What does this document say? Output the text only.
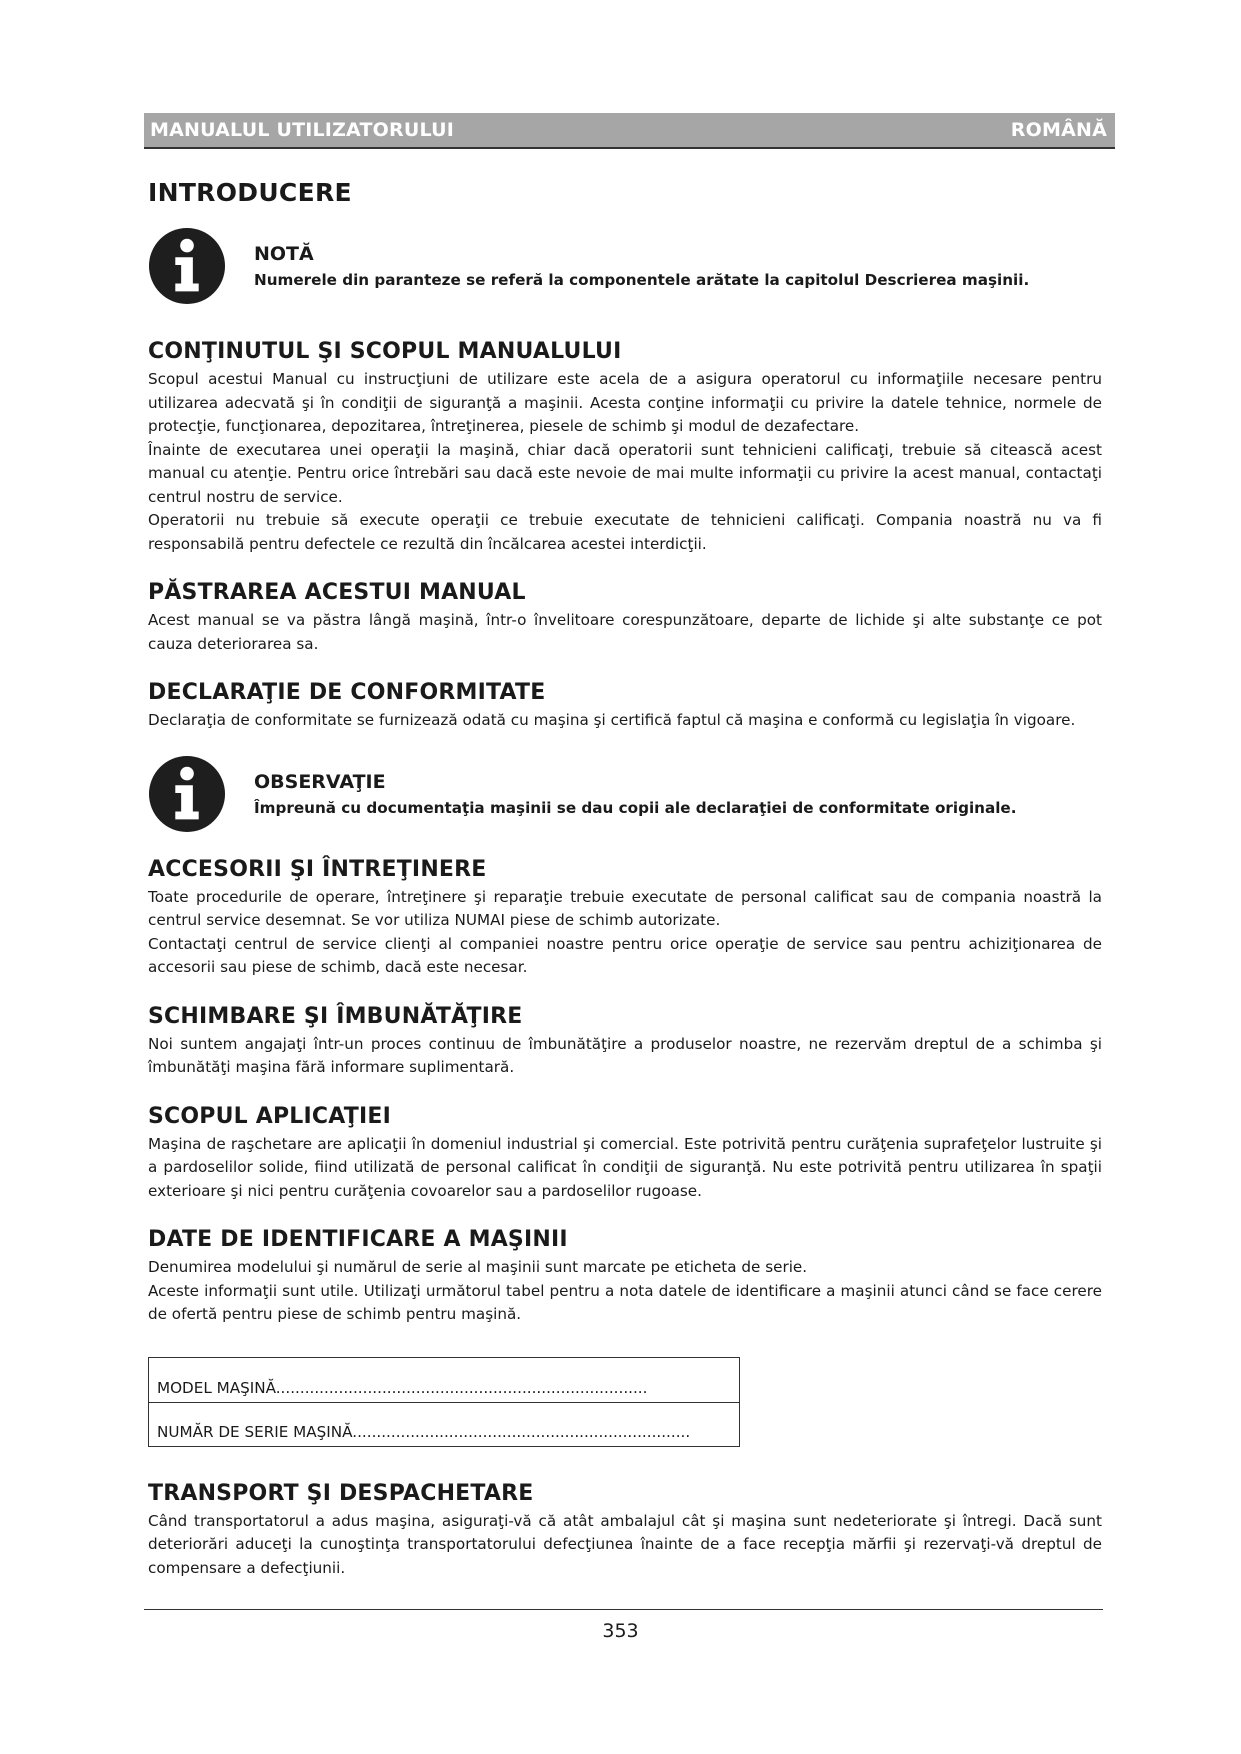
MANUALUL UTILIZATORULUI	ROMÂNĂ
INTRODUCERE
NOTĂ

Numerele din paranteze se referă la componentele arătate la capitolul Descrierea maşinii.

CONŢINUTUL ŞI SCOPUL MANUALULUI

Scopul acestui Manual cu instrucţiuni de utilizare este acela de a asigura operatorul cu informaţiile necesare pentru utilizarea adecvată şi în condiţii de siguranţă a maşinii. Acesta conţine informaţii cu privire la datele tehnice, normele de protecţie, funcţionarea, depozitarea, întreţinerea, piesele de schimb şi modul de dezafectare.

Înainte de executarea unei operaţii la maşină, chiar dacă operatorii sunt tehnicieni calificaţi, trebuie să citească acest manual cu atenţie. Pentru orice întrebări sau dacă este nevoie de mai multe informaţii cu privire la acest manual, contactaţi centrul nostru de service.

Operatorii nu trebuie să execute operaţii ce trebuie executate de tehnicieni calificaţi. Compania noastră nu va fi responsabilă pentru defectele ce rezultă din încălcarea acestei interdicţii.

PĂSTRAREA ACESTUI MANUAL

Acest manual se va păstra lângă maşină, într-o învelitoare corespunzătoare, departe de lichide şi alte substanţe ce pot cauza deteriorarea sa.

DECLARAŢIE DE CONFORMITATE

Declaraţia de conformitate se furnizează odată cu maşina şi certifică faptul că maşina e conformă cu legislaţia în vigoare.

OBSERVAŢIE

Împreună cu documentaţia maşinii se dau copii ale declaraţiei de conformitate originale.

ACCESORII ŞI ÎNTREŢINERE

Toate procedurile de operare, întreţinere şi reparaţie trebuie executate de personal calificat sau de compania noastră la centrul service desemnat. Se vor utiliza NUMAI piese de schimb autorizate.

Contactaţi centrul de service clienţi al companiei noastre pentru orice operaţie de service sau pentru achiziţionarea de accesorii sau piese de schimb, dacă este necesar.

SCHIMBARE ŞI ÎMBUNĂTĂŢIRE

Noi suntem angajaţi într-un proces continuu de îmbunătăţire a produselor noastre, ne rezervăm dreptul de a schimba şi îmbunătăţi maşina fără informare suplimentară.

SCOPUL APLICAŢIEI

Maşina de raşchetare are aplicaţii în domeniul industrial şi comercial. Este potrivită pentru curăţenia suprafeţelor lustruite şi a pardoselilor solide, fiind utilizată de personal calificat în condiţii de siguranţă. Nu este potrivită pentru utilizarea în spaţii exterioare şi nici pentru curăţenia covoarelor sau a pardoselilor rugoase.

DATE DE IDENTIFICARE A MAŞINII

Denumirea modelului şi numărul de serie al maşinii sunt marcate pe eticheta de serie.

Aceste informaţii sunt utile. Utilizaţi următorul tabel pentru a nota datele de identificare a maşinii atunci când se face cerere de ofertă pentru piese de schimb pentru maşină.

MODEL MAŞINĂ.............................................................................
NUMĂR DE SERIE MAŞINĂ......................................................................
TRANSPORT ŞI DESPACHETARE

Când transportatorul a adus maşina, asiguraţi-vă că atât ambalajul cât şi maşina sunt nedeteriorate şi întregi. Dacă sunt deteriorări aduceţi la cunoştinţa transportatorului defecţiunea înainte de a face recepţia mărfii şi rezervaţi-vă dreptul de compensare a defecţiunii.

353
